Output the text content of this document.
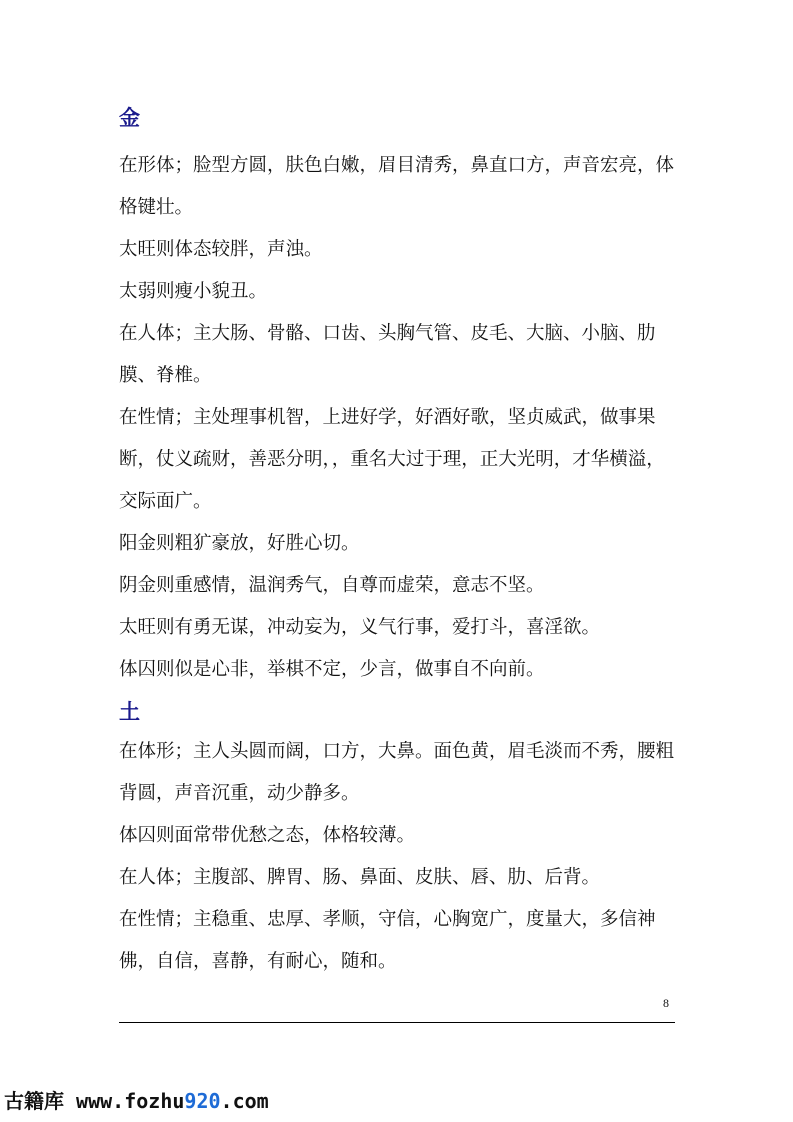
金

在形体；脸型方圆，肤色白嫩，眉目清秀，鼻直口方，声音宏亮，体格键壮。

太旺则体态较胖，声浊。

太弱则瘦小貌丑。

在人体；主大肠、骨骼、口齿、头胸气管、皮毛、大脑、小脑、肋膜、脊椎。

在性情；主处理事机智，上进好学，好酒好歌，坚贞威武，做事果断，仗义疏财，善恶分明，，重名大过于理，正大光明，才华横溢，交际面广。

阳金则粗犷豪放，好胜心切。

阴金则重感情，温润秀气，自尊而虚荣，意志不坚。

太旺则有勇无谋，冲动妄为，义气行事，爱打斗，喜淫欲。

体囚则似是心非，举棋不定，少言，做事自不向前。

土

在体形；主人头圆而阔，口方，大鼻。面色黄，眉毛淡而不秀，腰粗背圆，声音沉重，动少静多。

体囚则面常带优愁之态，体格较薄。

在人体；主腹部、脾胃、肠、鼻面、皮肤、唇、肋、后背。

在性情；主稳重、忠厚、孝顺，守信，心胸宽广，度量大，多信神佛，自信，喜静，有耐心，随和。

8
古籍库 www.fozhu920.com
